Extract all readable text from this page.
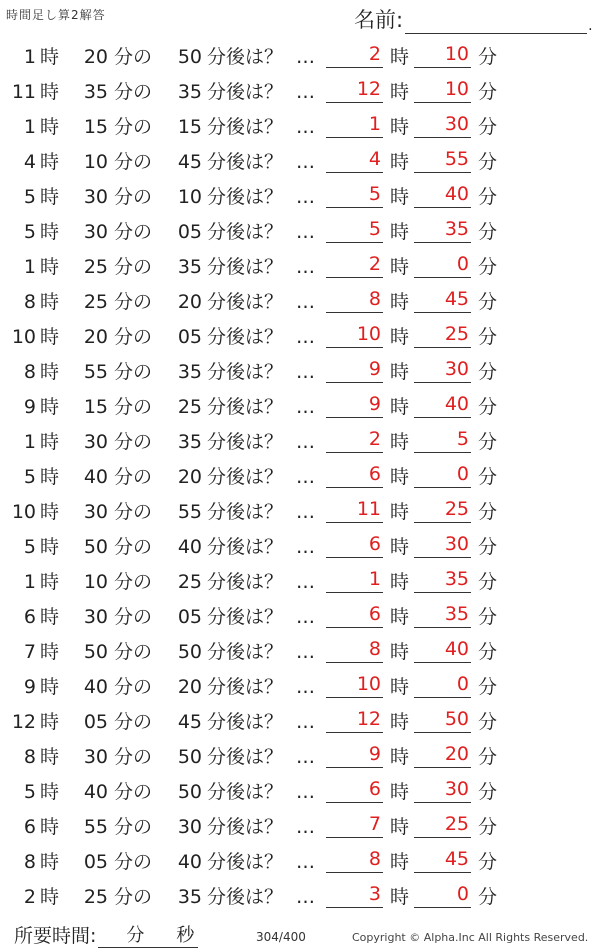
時間足し算2解答	名前:	.
1 時	20 分の	50 分後は？ …	2 時	10 分
11 時	35 分の	35 分後は？ …	12 時	10 分
1 時	15 分の	15 分後は？ …	1 時	30 分
4 時	10 分の	45 分後は？ …	4 時	55 分
5 時	30 分の	10 分後は？ …	5 時	40 分
5 時	30 分の	05 分後は？ …	5 時	35 分
1 時	25 分の	35 分後は？ …	2 時	0 分
8 時	25 分の	20 分後は？ …	8 時	45 分
10 時	20 分の	05 分後は？ …	10 時	25 分
8 時	55 分の	35 分後は？ …	9 時	30 分
9 時	15 分の	25 分後は？ …	9 時	40 分
1 時	30 分の	35 分後は？ …	2 時	5 分
5 時	40 分の	20 分後は？ …	6 時	0 分
10 時	30 分の	55 分後は？ …	11 時	25 分
5 時	50 分の	40 分後は？ …	6 時	30 分
1 時	10 分の	25 分後は？ …	1 時	35 分
6 時	30 分の	05 分後は？ …	6 時	35 分
7 時	50 分の	50 分後は？ …	8 時	40 分
9 時	40 分の	20 分後は？ …	10 時	0 分
12 時	05 分の	45 分後は？ …	12 時	50 分
8 時	30 分の	50 分後は？ …	9 時	20 分
5 時	40 分の	50 分後は？ …	6 時	30 分
6 時	55 分の	30 分後は？ …	7 時	25 分
8 時	05 分の	40 分後は？ …	8 時	45 分
2 時	25 分の	35 分後は？ …	3 時	0 分
所要時間: 分 秒	304/400	Copyright © Alpha.Inc All Rights Reserved.
